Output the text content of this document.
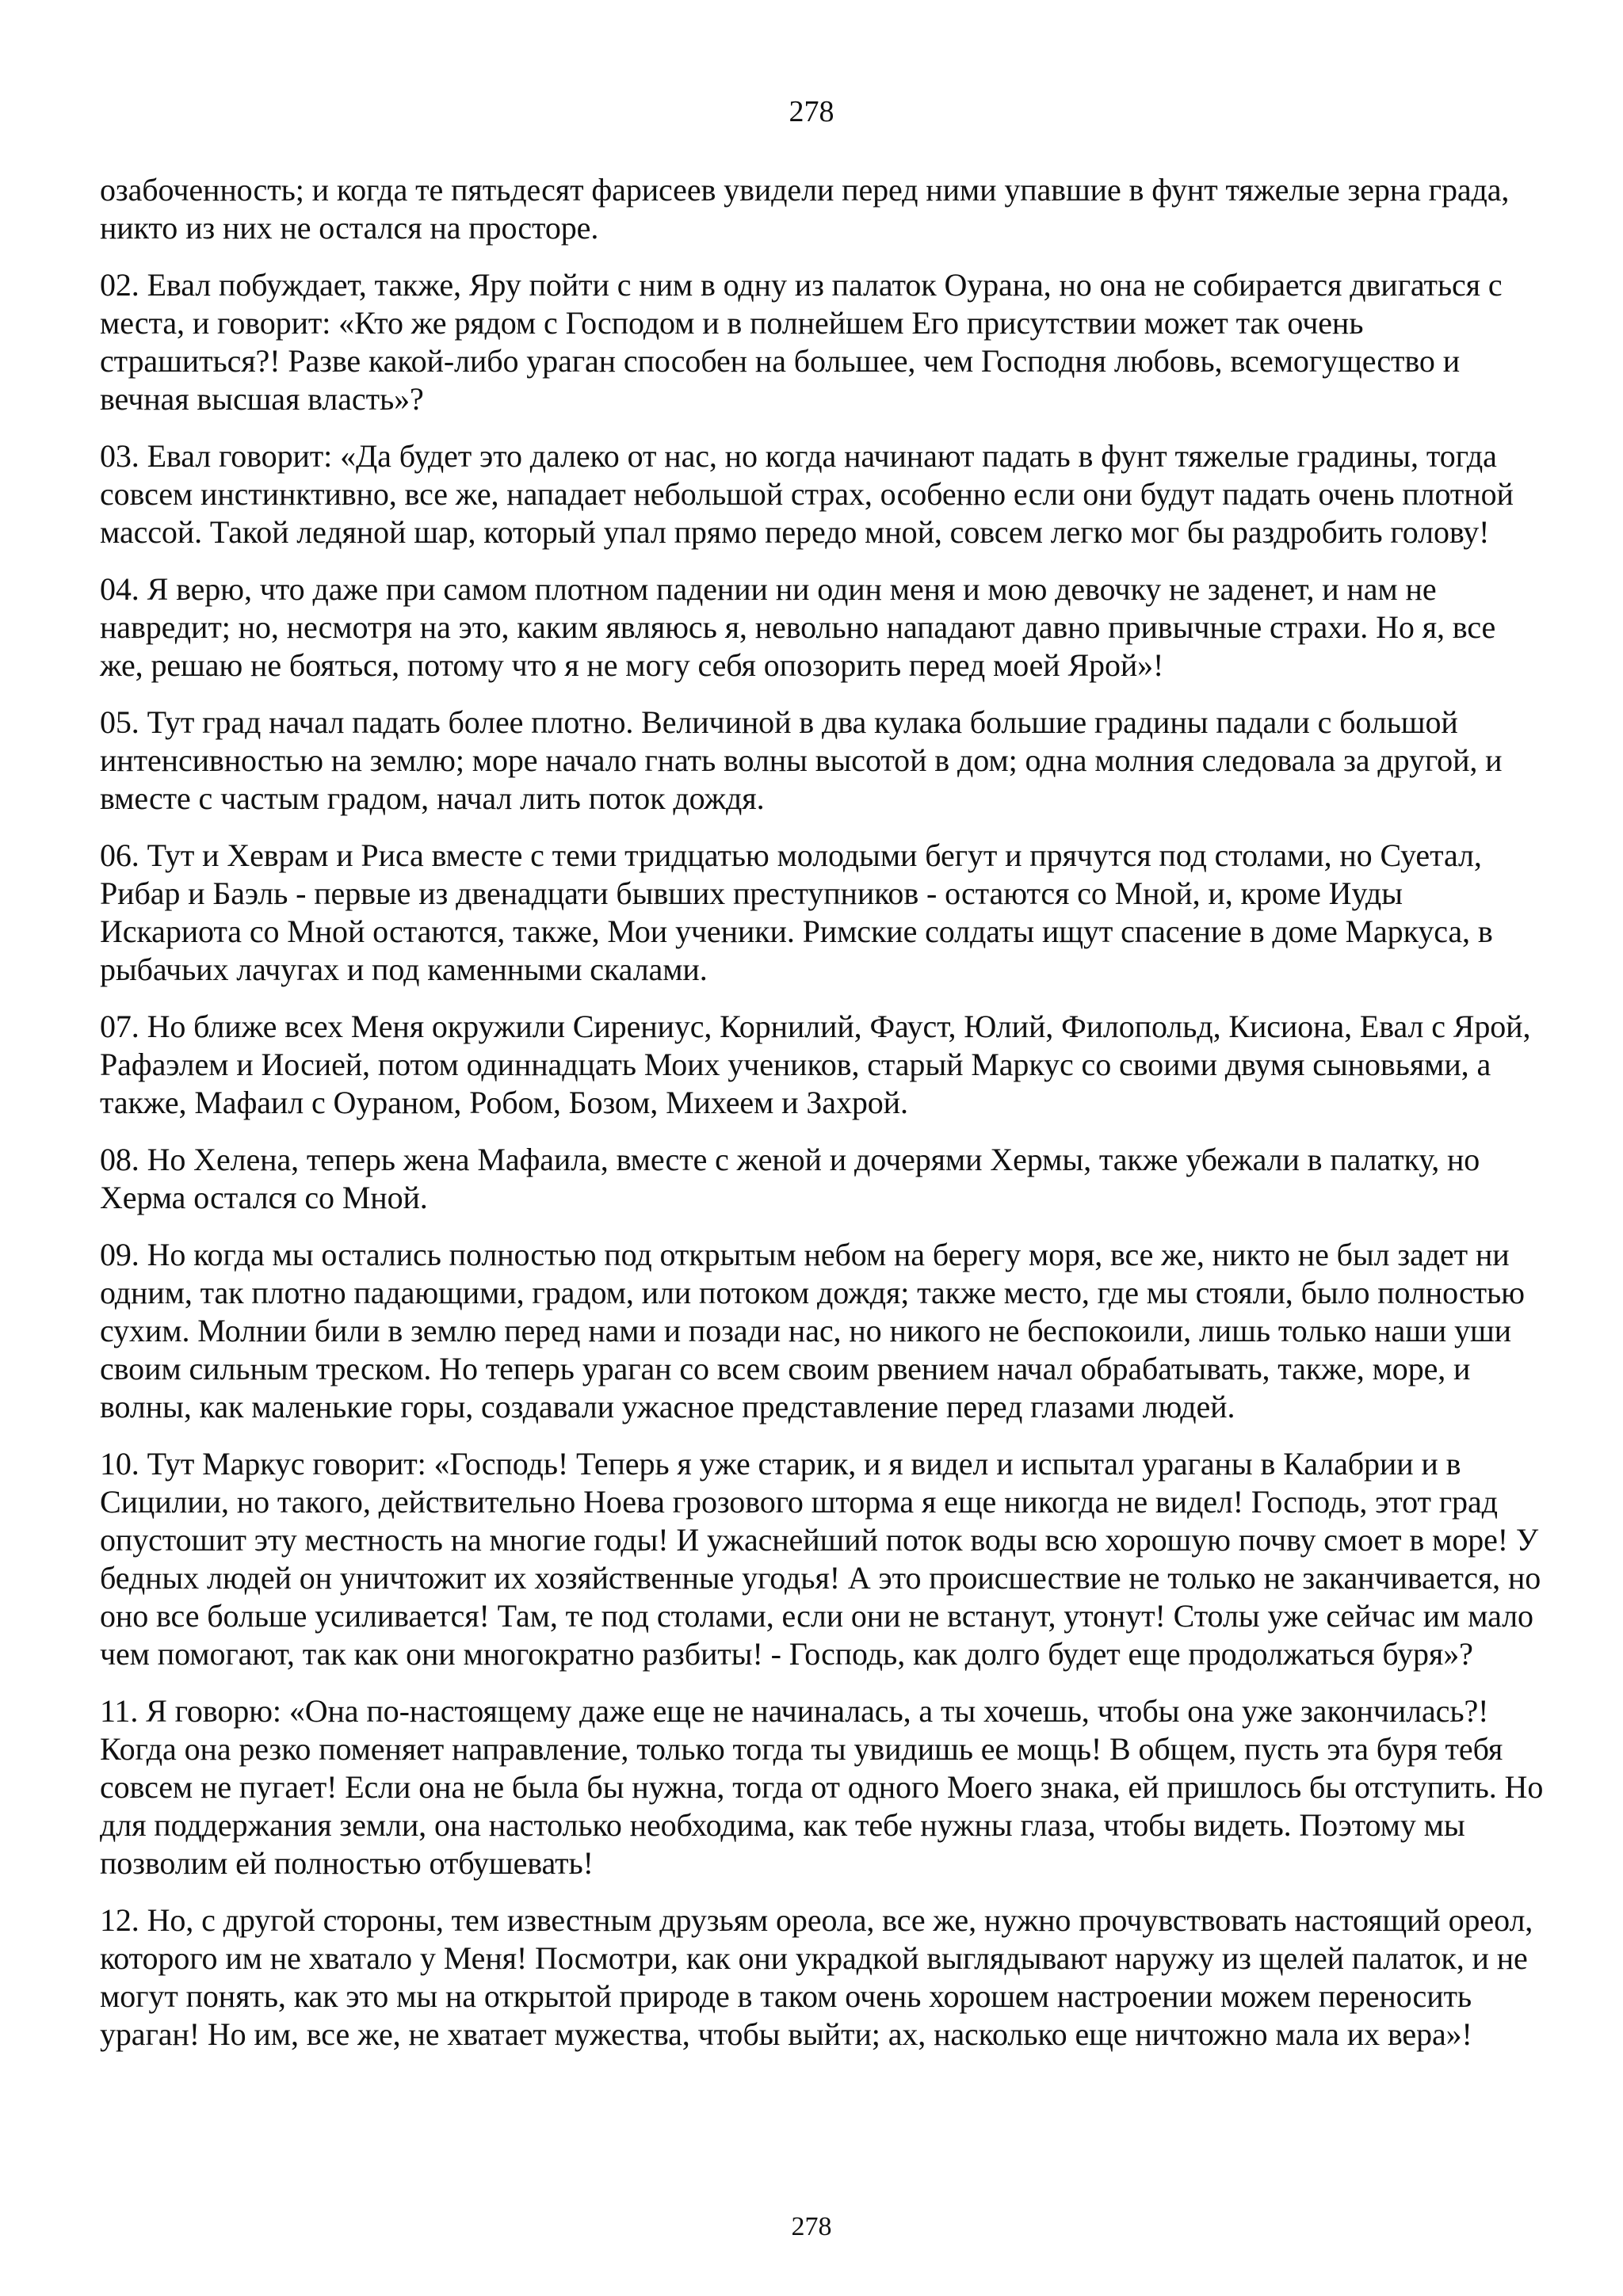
278

озабоченность; и когда те пятьдесят фарисеев увидели перед ними упавшие в фунт тяжелые зерна града, никто из них не остался на просторе.

02. Евал побуждает, также, Яру пойти с ним в одну из палаток Оурана, но она не собирается двигаться с места, и говорит: «Кто же рядом с Господом и в полнейшем Его присутствии может так очень страшиться?! Разве какой-либо ураган способен на большее, чем Господня любовь, всемогущество и вечная высшая власть»?

03. Евал говорит: «Да будет это далеко от нас, но когда начинают падать в фунт тяжелые градины, тогда совсем инстинктивно, все же, нападает небольшой страх, особенно если они будут падать очень плотной массой. Такой ледяной шар, который упал прямо передо мной, совсем легко мог бы раздробить голову!

04. Я верю, что даже при самом плотном падении ни один меня и мою девочку не заденет, и нам не навредит; но, несмотря на это, каким являюсь я, невольно нападают давно привычные страхи. Но я, все же, решаю не бояться, потому что я не могу себя опозорить перед моей Ярой»!

05. Тут град начал падать более плотно. Величиной в два кулака большие градины падали с большой интенсивностью на землю; море начало гнать волны высотой в дом; одна молния следовала за другой, и вместе с частым градом, начал лить поток дождя.

06. Тут и Хеврам и Риса вместе с теми тридцатью молодыми бегут и прячутся под столами, но Суетал, Рибар и Баэль - первые из двенадцати бывших преступников - остаются со Мной, и, кроме Иуды Искариота со Мной остаются, также, Мои ученики. Римские солдаты ищут спасение в доме Маркуса, в рыбачьих лачугах и под каменными скалами.

07. Но ближе всех Меня окружили Сирениус, Корнилий, Фауст, Юлий, Филопольд, Кисиона, Евал с Ярой, Рафаэлем и Иосией, потом одиннадцать Моих учеников, старый Маркус со своими двумя сыновьями, а также, Мафаил с Оураном, Робом, Бозом, Михеем и Захрой.

08. Но Хелена, теперь жена Мафаила, вместе с женой и дочерями Хермы, также убежали в палатку, но Херма остался со Мной.

09. Но когда мы остались полностью под открытым небом на берегу моря, все же, никто не был задет ни одним, так плотно падающими, градом, или потоком дождя; также место, где мы стояли, было полностью сухим. Молнии били в землю перед нами и позади нас, но никого не беспокоили, лишь только наши уши своим сильным треском. Но теперь ураган со всем своим рвением начал обрабатывать, также, море, и волны, как маленькие горы, создавали ужасное представление перед глазами людей.

10. Тут Маркус говорит: «Господь! Теперь я уже старик, и я видел и испытал ураганы в Калабрии и в Сицилии, но такого, действительно Ноева грозового шторма я еще никогда не видел! Господь, этот град опустошит эту местность на многие годы! И ужаснейший поток воды всю хорошую почву смоет в море! У бедных людей он уничтожит их хозяйственные угодья! А это происшествие не только не заканчивается, но оно все больше усиливается! Там, те под столами, если они не встанут, утонут! Столы уже сейчас им мало чем помогают, так как они многократно разбиты! - Господь, как долго будет еще продолжаться буря»?

11. Я говорю: «Она по-настоящему даже еще не начиналась, а ты хочешь, чтобы она уже закончилась?! Когда она резко поменяет направление, только тогда ты увидишь ее мощь! В общем, пусть эта буря тебя совсем не пугает! Если она не была бы нужна, тогда от одного Моего знака, ей пришлось бы отступить. Но для поддержания земли, она настолько необходима, как тебе нужны глаза, чтобы видеть. Поэтому мы позволим ей полностью отбушевать!

12. Но, с другой стороны, тем известным друзьям ореола, все же, нужно прочувствовать настоящий ореол, которого им не хватало у Меня! Посмотри, как они украдкой выглядывают наружу из щелей палаток, и не могут понять, как это мы на открытой природе в таком очень хорошем настроении можем переносить ураган! Но им, все же, не хватает мужества, чтобы выйти; ах, насколько еще ничтожно мала их вера»!

278
